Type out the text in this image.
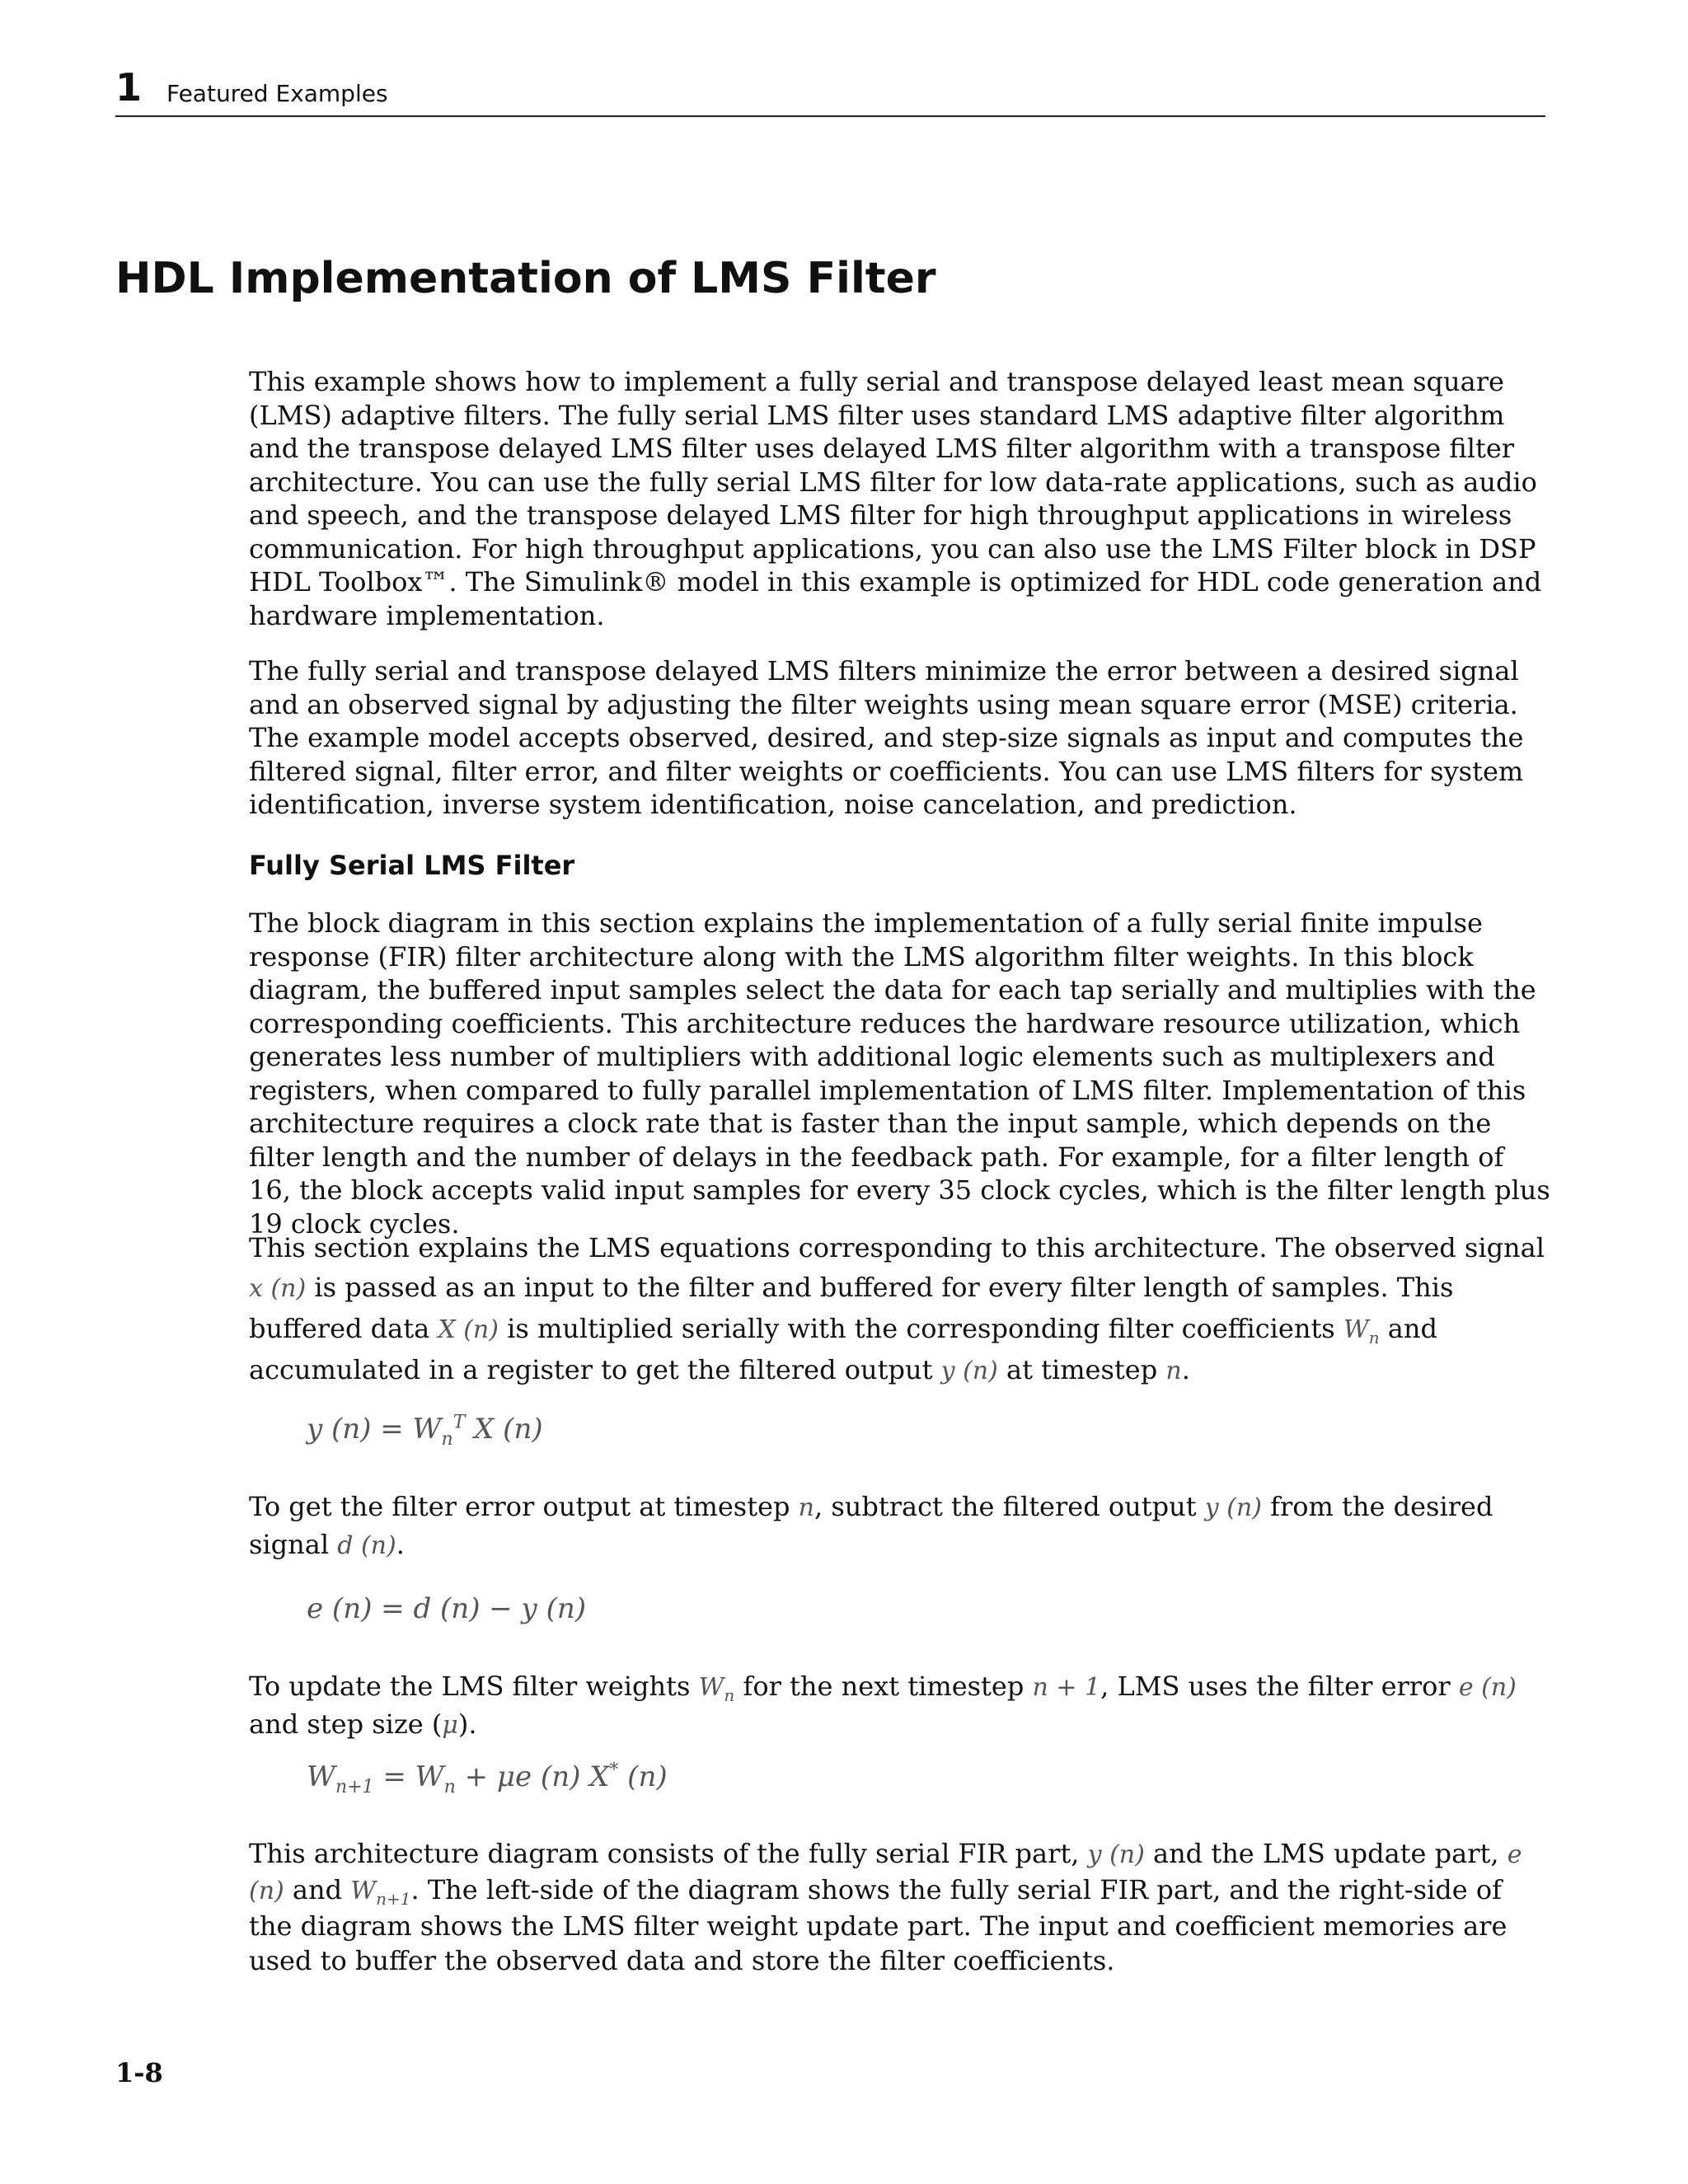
1 Featured Examples
HDL Implementation of LMS Filter

This example shows how to implement a fully serial and transpose delayed least mean square (LMS) adaptive filters. The fully serial LMS filter uses standard LMS adaptive filter algorithm and the transpose delayed LMS filter uses delayed LMS filter algorithm with a transpose filter architecture. You can use the fully serial LMS filter for low data-rate applications, such as audio and speech, and the transpose delayed LMS filter for high throughput applications in wireless communication. For high throughput applications, you can also use the LMS Filter block in DSP HDL Toolbox™. The Simulink® model in this example is optimized for HDL code generation and hardware implementation.

The fully serial and transpose delayed LMS filters minimize the error between a desired signal and an observed signal by adjusting the filter weights using mean square error (MSE) criteria. The example model accepts observed, desired, and step-size signals as input and computes the filtered signal, filter error, and filter weights or coefficients. You can use LMS filters for system identification, inverse system identification, noise cancelation, and prediction.

Fully Serial LMS Filter

The block diagram in this section explains the implementation of a fully serial finite impulse response (FIR) filter architecture along with the LMS algorithm filter weights. In this block diagram, the buffered input samples select the data for each tap serially and multiplies with the corresponding coefficients. This architecture reduces the hardware resource utilization, which generates less number of multipliers with additional logic elements such as multiplexers and registers, when compared to fully parallel implementation of LMS filter. Implementation of this architecture requires a clock rate that is faster than the input sample, which depends on the filter length and the number of delays in the feedback path. For example, for a filter length of 16, the block accepts valid input samples for every 35 clock cycles, which is the filter length plus 19 clock cycles.

This section explains the LMS equations corresponding to this architecture. The observed signal x (n) is passed as an input to the filter and buffered for every filter length of samples. This buffered data X (n) is multiplied serially with the corresponding filter coefficients $W_n$ and accumulated in a register to get the filtered output y (n) at timestep n.

y $(n) = W_n^T$ X (n)

To get the filter error output at timestep n, subtract the filtered output y (n) from the desired signal d (n).

e (n) = d (n) − y (n)

To update the LMS filter weights $W_n$ for the next timestep n + 1, LMS uses the filter error e (n) and step size (μ).

$W_{n+1} = W_n + \mu e$ (n) X* (n)

This architecture diagram consists of the fully serial FIR part, y (n) and the LMS update part, e (n) and $W_{n+1}$. The left-side of the diagram shows the fully serial FIR part, and the right-side of the diagram shows the LMS filter weight update part. The input and coefficient memories are used to buffer the observed data and store the filter coefficients.

1-8
